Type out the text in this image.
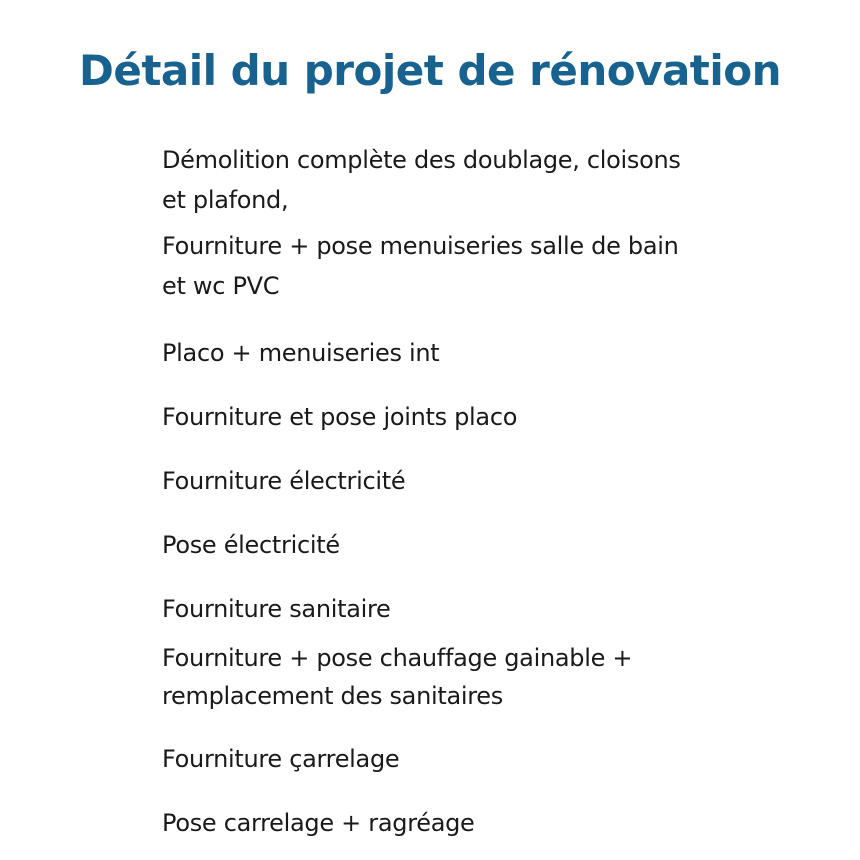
Détail du projet de rénovation
Démolition complète des doublage, cloisons
et plafond,
Fourniture + pose menuiseries salle de bain
et wc PVC
Placo + menuiseries int
Fourniture et pose joints placo
Fourniture électricité
Pose électricité
Fourniture sanitaire
Fourniture + pose chauffage gainable +
remplacement des sanitaires
Fourniture çarrelage
Pose carrelage + ragréage
